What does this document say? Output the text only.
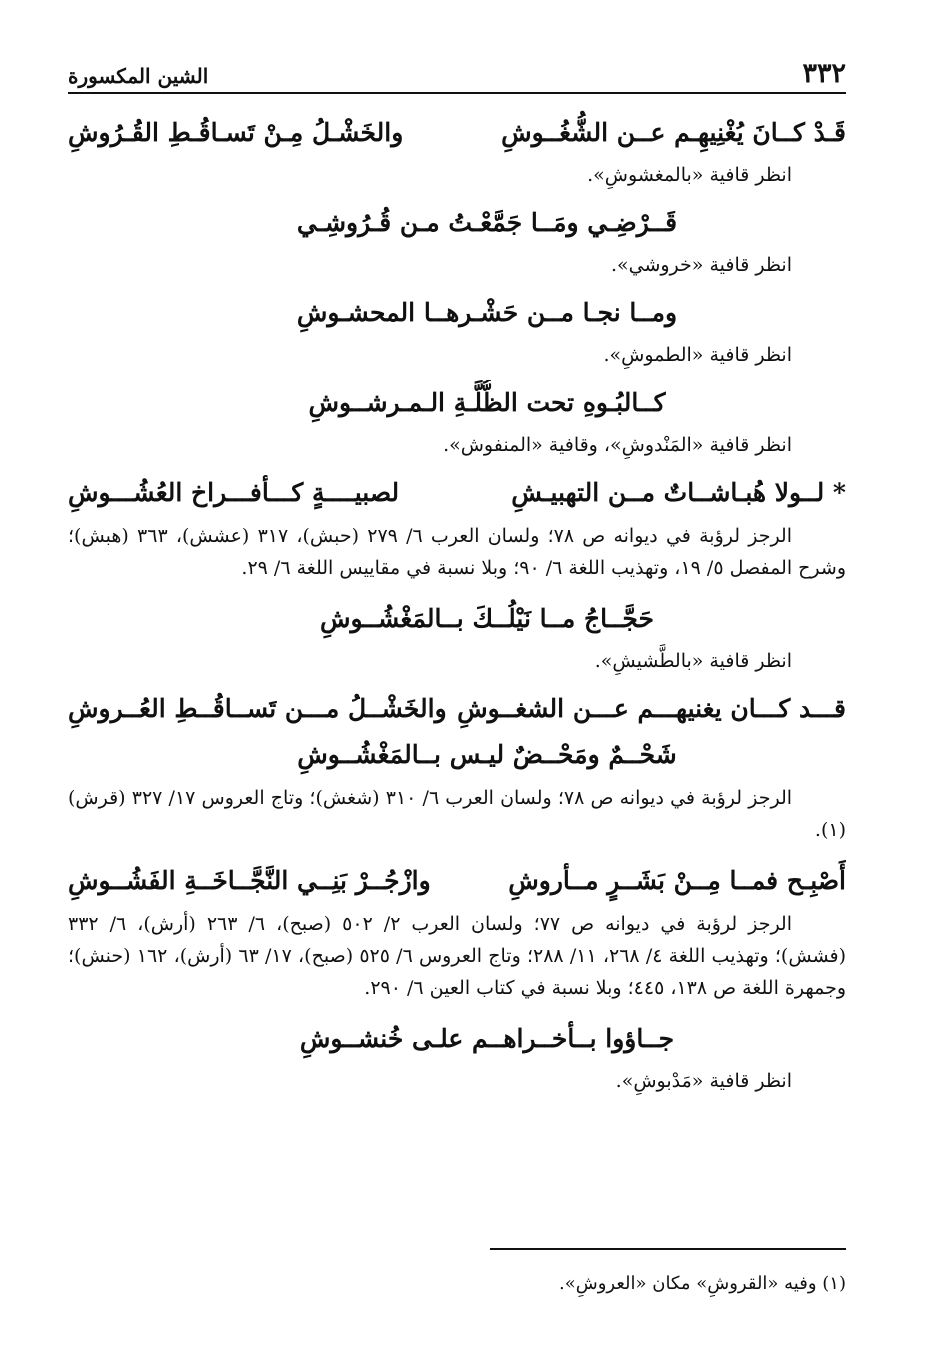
٣٣٢
الشين المكسورة
قَـدْ كــانَ يُغْنِيهِـم عــن الشُّغُــوشِ
والخَشْـلُ مِـنْ تَسـاقُـطِ القُـرُوشِ
انظر قافية «بالمغشوشِ».
قَــرْضِـي ومَــا جَمَّعْـتُ مـن قُـرُوشِـي
انظر قافية «خروشي».
ومــا نجـا مــن حَشْـرهــا المحشـوشِ
انظر قافية «الطموشِ».
كــالبُـوهِ تحت الظُّلَّـةِ الـمـرشــوشِ
انظر قافية «المَنْدوشِ»، وقافية «المنفوش».
* لــولا هُبـاشــاتٌ مــن التهبيـشِ
لصبيــــةٍ كـــأفـــراخ العُشُـــوشِ
الرجز لرؤبة في ديوانه ص ٧٨؛ ولسان العرب ٦/ ٢٧٩ (حبش)، ٣١٧ (عشش)، ٣٦٣ (هبش)؛ وشرح المفصل ٥/ ١٩، وتهذيب اللغة ٦/ ٩٠؛ وبلا نسبة في مقاييس اللغة ٦/ ٢٩.
حَجَّــاجُ مــا نَيْلُــكَ بــالمَغْشُــوشِ
انظر قافية «بالطَّشيشِ».
قـــد كـــان يغنيهـــم عـــن الشغــوشِ
والخَشْــلُ مـــن تَســاقُــطِ العُــروشِ
شَحْــمٌ ومَحْــضٌ ليـس بــالمَغْشُــوشِ
الرجز لرؤبة في ديوانه ص ٧٨؛ ولسان العرب ٦/ ٣١٠ (شغش)؛ وتاج العروس ١٧/ ٣٢٧ (قرش)(١).
أَصْبِـح فمــا مِــنْ بَشَــرٍ مــأروشِ
وازْجُــرْ بَنِــي النَّجَّــاخَــةِ الفَشُــوشِ
الرجز لرؤبة في ديوانه ص ٧٧؛ ولسان العرب ٢/ ٥٠٢ (صبح)، ٦/ ٢٦٣ (أرش)، ٦/ ٣٣٢ (فشش)؛ وتهذيب اللغة ٤/ ٢٦٨، ١١/ ٢٨٨؛ وتاج العروس ٦/ ٥٢٥ (صبح)، ١٧/ ٦٣ (أرش)، ١٦٢ (حنش)؛ وجمهرة اللغة ص ١٣٨، ٤٤٥؛ وبلا نسبة في كتاب العين ٦/ ٢٩٠.
جــاؤوا بــأخــراهــم علـى خُنشــوشِ
انظر قافية «مَدْبوشِ».
(١) وفيه «القروشِ» مكان «العروشِ».
